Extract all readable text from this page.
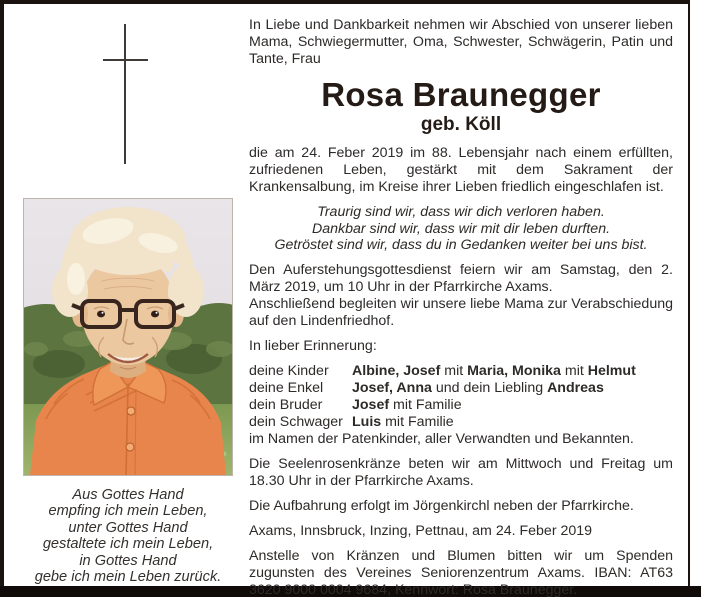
Aus Gottes Hand
empfing ich mein Leben,
unter Gottes Hand
gestaltete ich mein Leben,
in Gottes Hand
gebe ich mein Leben zurück.

In Liebe und Dankbarkeit nehmen wir Abschied von unserer lieben Mama, Schwiegermutter, Oma, Schwester, Schwägerin, Patin und Tante, Frau

Rosa Braunegger
geb. Köll

die am 24. Feber 2019 im 88. Lebensjahr nach einem erfüllten, zufriedenen Leben, gestärkt mit dem Sakrament der Krankensalbung, im Kreise ihrer Lieben friedlich eingeschlafen ist.

Traurig sind wir, dass wir dich verloren haben.
Dankbar sind wir, dass wir mit dir leben durften.
Getröstet sind wir, dass du in Gedanken weiter bei uns bist.

Den Auferstehungsgottesdienst feiern wir am Samstag, den 2. März 2019, um 10 Uhr in der Pfarrkirche Axams.

Anschließend begleiten wir unsere liebe Mama zur Verabschiedung auf den Lindenfriedhof.

In lieber Erinnerung:

deine Kinder	Albine, Josef mit Maria, Monika mit Helmut
deine Enkel	Josef, Anna und dein Liebling Andreas
dein Bruder	Josef mit Familie
dein Schwager Luis mit Familie

im Namen der Patenkinder, aller Verwandten und Bekannten.

Die Seelenrosenkränze beten wir am Mittwoch und Freitag um 18.30 Uhr in der Pfarrkirche Axams.

Die Aufbahrung erfolgt im Jörgenkirchl neben der Pfarrkirche.

Axams, Innsbruck, Inzing, Pettnau, am 24. Feber 2019

Anstelle von Kränzen und Blumen bitten wir um Spenden zugunsten des Vereines Seniorenzentrum Axams. IBAN: AT63 3620 9000 0004 9684, Kennwort: Rosa Braunegger.
